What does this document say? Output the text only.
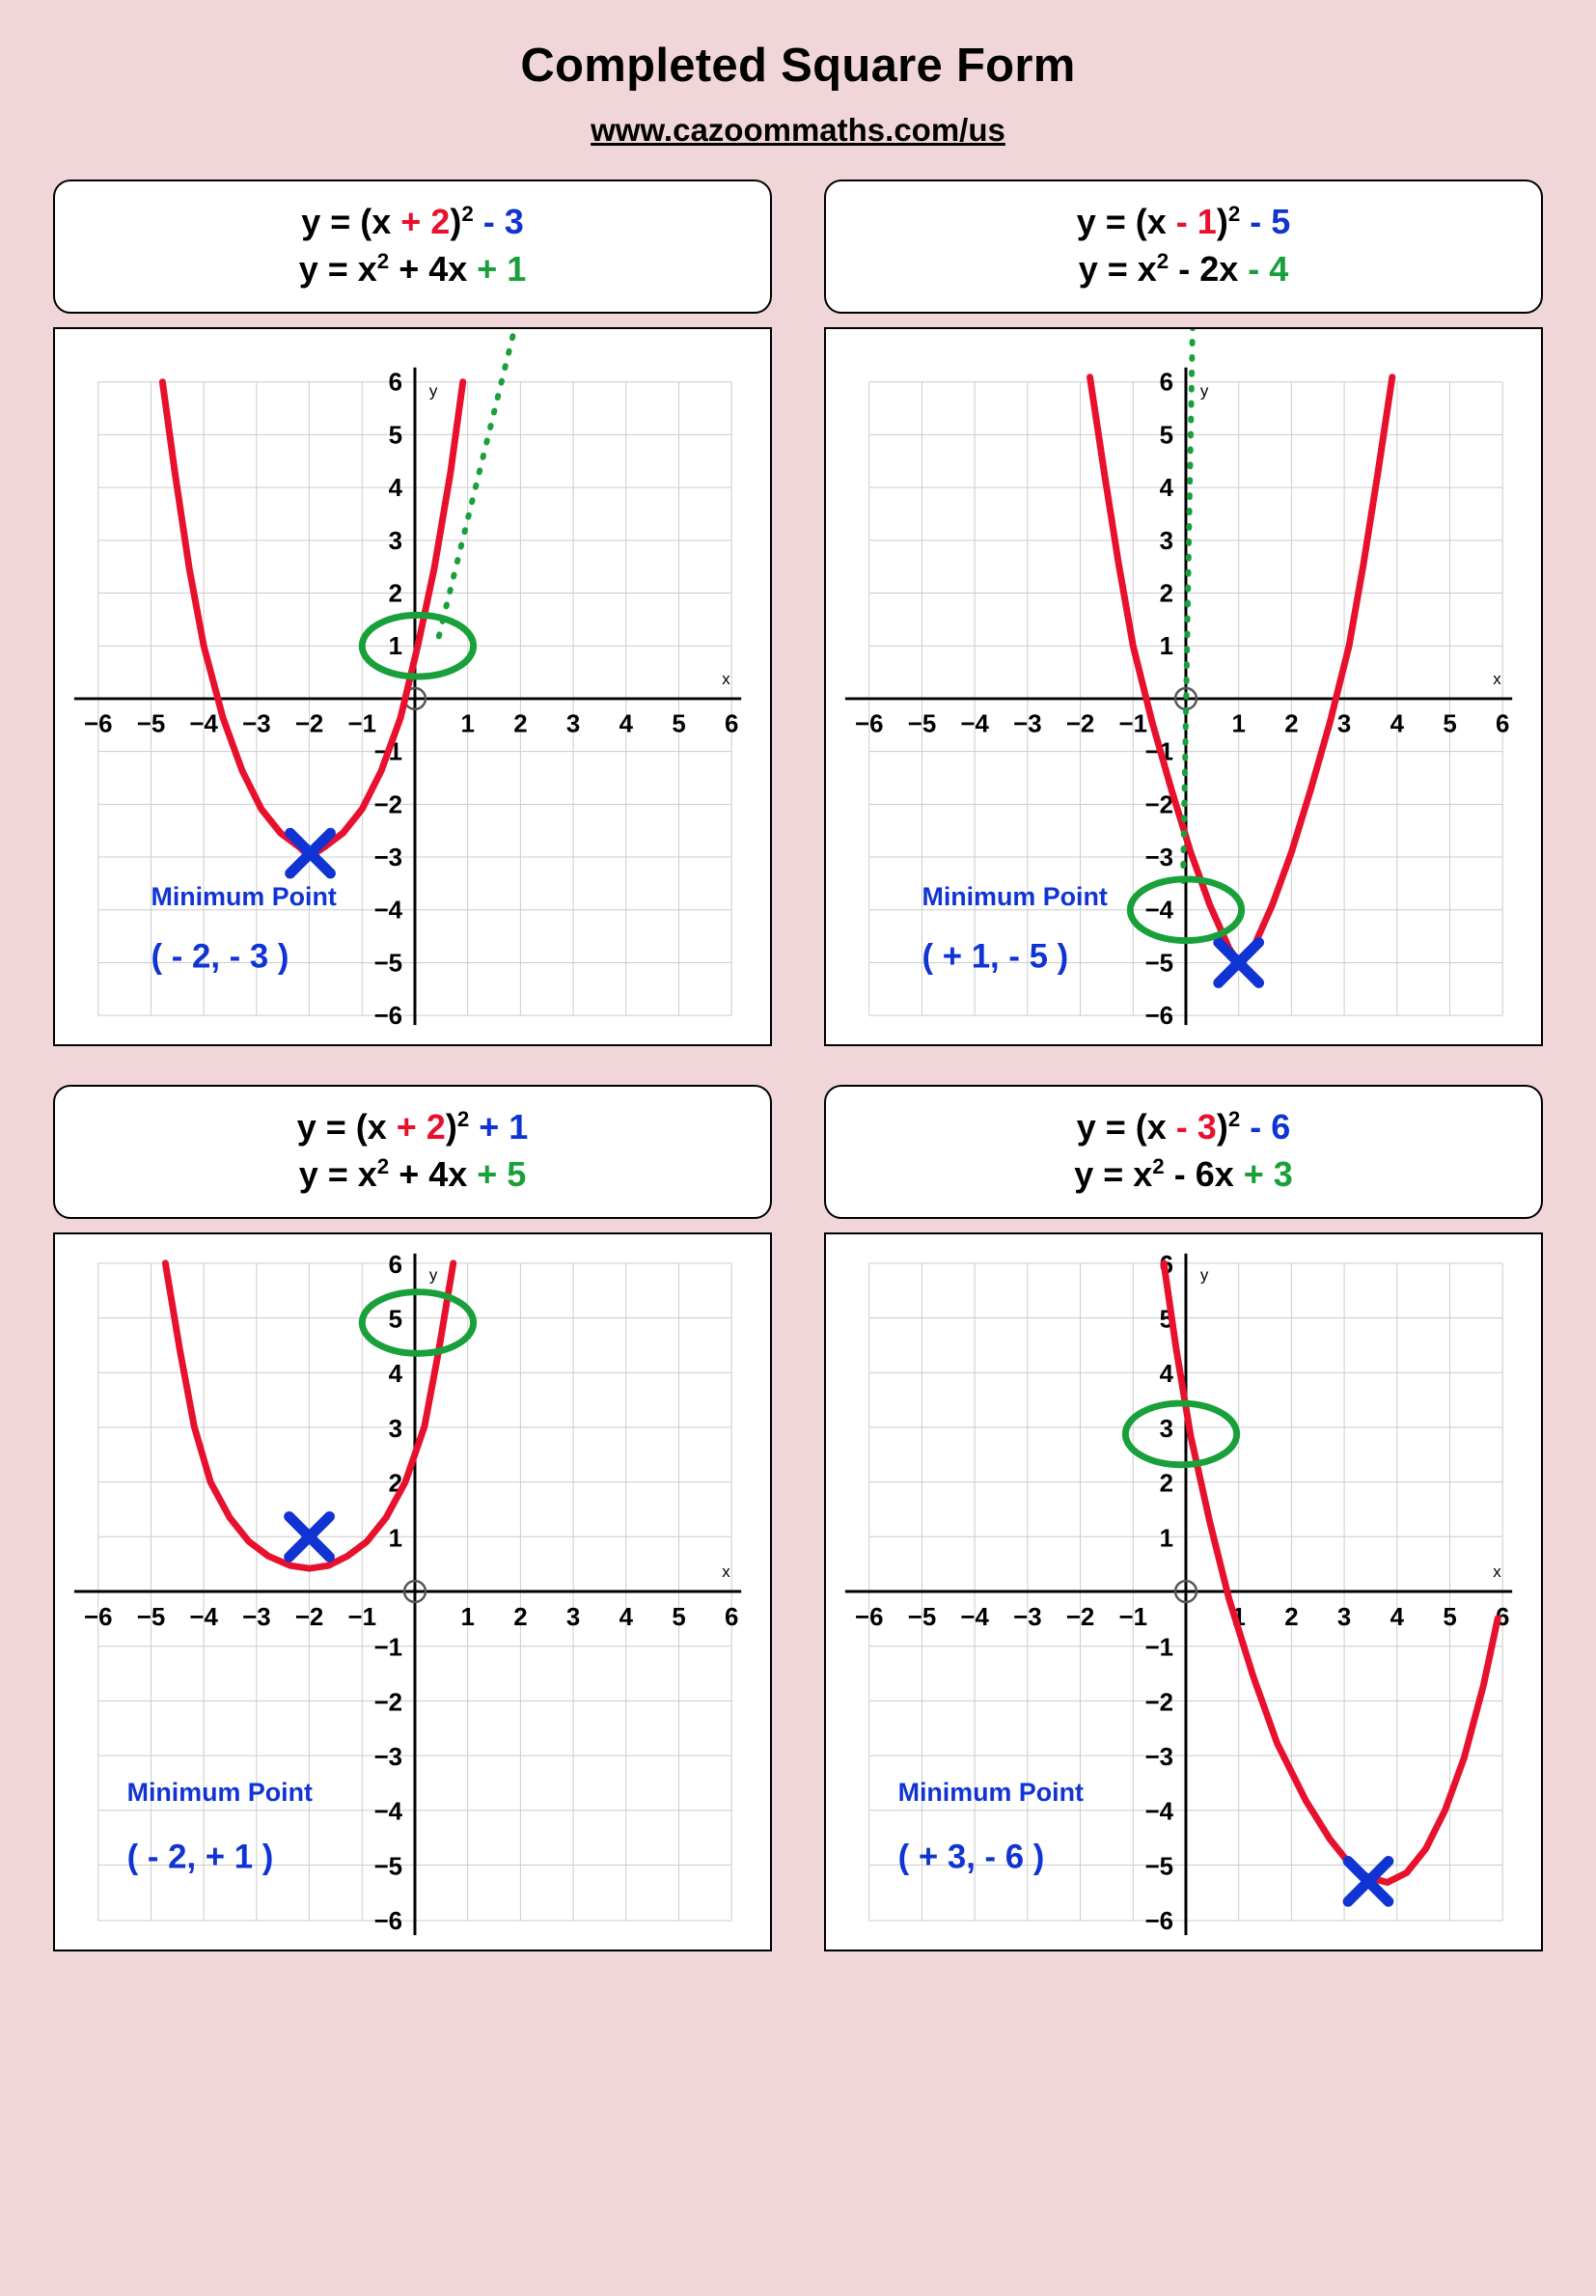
Completed Square Form
www.cazoommaths.com/us
$y = (x + 2)^2 - 3$
$y = x^2 + 4x + 1$
x
y
−6 −5 −4 −3 −2 −1	1 2 3 4 5 6
6
5
4
3
2
1
−1
−2
−3
−4
−5
−6
Minimum Point
( - 2, - 3 )
y = (x - 1)$^2$ - 5
$y = x^2 - 2x - 4$
x
y
−6 −5 −4 −3 −2 −1	1 2 3 4 5 6
6
5
4
3
2
1
−1
−2
−3
−4
−5
−6
Minimum Point
( + 1, - 5 )
$y = (x + 2)^2 + 1$
$y = x^2 + 4x + 5$
x
y
−6 −5 −4 −3 −2 −1	1 2 3 4 5 6
6
5
4
3
2
1
−1
−2
−3
−4
−5
−6
Minimum Point
( - 2, + 1 )
y = (x - 3)$^2$ - 6
$y = x^2 - 6x + 3$
x
y
−6 −5 −4 −3 −2 −1	1 2 3 4 5 6
6
5
4
3
2
1
−1
−2
−3
−4
−5
−6
Minimum Point
( + 3, - 6 )
